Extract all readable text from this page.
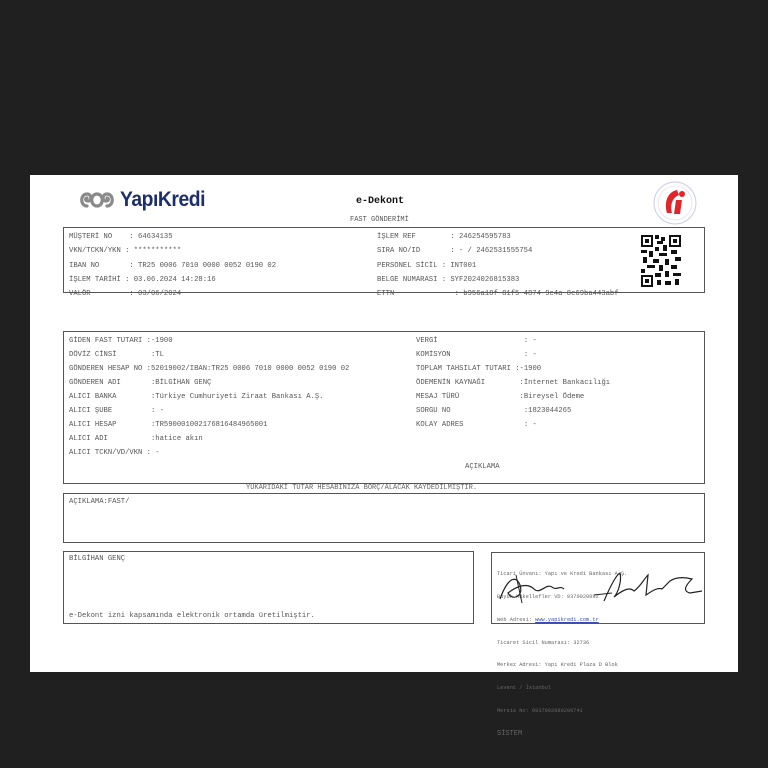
YapıKredi	e-Dekont
FAST GÖNDERİMİ
MÜŞTERİ NO    : 64634135
VKN/TCKN/YKN : ***********
IBAN NO       : TR25 0006 7010 0000 0052 0190 02
İŞLEM TARİHİ : 03.06.2024 14:28:16
VALÖR         : 03/06/2024
İŞLEM REF        : 246254595783
SIRA NO/ID       : - / 2462531555754
PERSONEL SİCİL : INT001
BELGE NUMARASI : SYF2024026815383
ETTN              : b956a18f-81f5-4874-9c4a-8e69ba443abf
GİDEN FAST TUTARI :-1900
DÖVİZ CİNSİ        :TL
GÖNDEREN HESAP NO :52019002/IBAN:TR25 0006 7010 0000 0052 0190 02
GÖNDEREN ADI       :BİLGİHAN GENÇ
ALICI BANKA        :Türkiye Cumhuriyeti Ziraat Bankası A.Ş.
ALICI ŞUBE         : -
ALICI HESAP        :TR590001002176816484965001
ALICI ADI          :hatice akın
ALICI TCKN/VD/VKN : -
VERGİ                    : -
KOMİSYON                 : -
TOPLAM TAHSILAT TUTARI :-1900
ÖDEMENİN KAYNAĞI        :İnternet Bankacılığı
MESAJ TÜRÜ              :Bireysel Ödeme
SORGU NO                 :1823044265
KOLAY ADRES              : -
AÇIKLAMA
YUKARIDAKİ TUTAR HESABINIZA BORÇ/ALACAK KAYDEDİLMİŞTİR.
AÇIKLAMA:FAST/
BİLGİHAN GENÇ
e-Dekont izni kapsamında elektronik ortamda üretilmiştir.

Ticari Ünvanı: Yapı ve Kredi Bankası A.Ş.

Büyük Mükellefler VD: 9370020892

Web Adresi: www.yapikredi.com.tr

Ticaret Sicil Numarası: 32736

Merkez Adresi: Yapı Kredi Plaza D Blok

Levent / İstanbul

Mersis No: 0937002089200741

SİSTEM
